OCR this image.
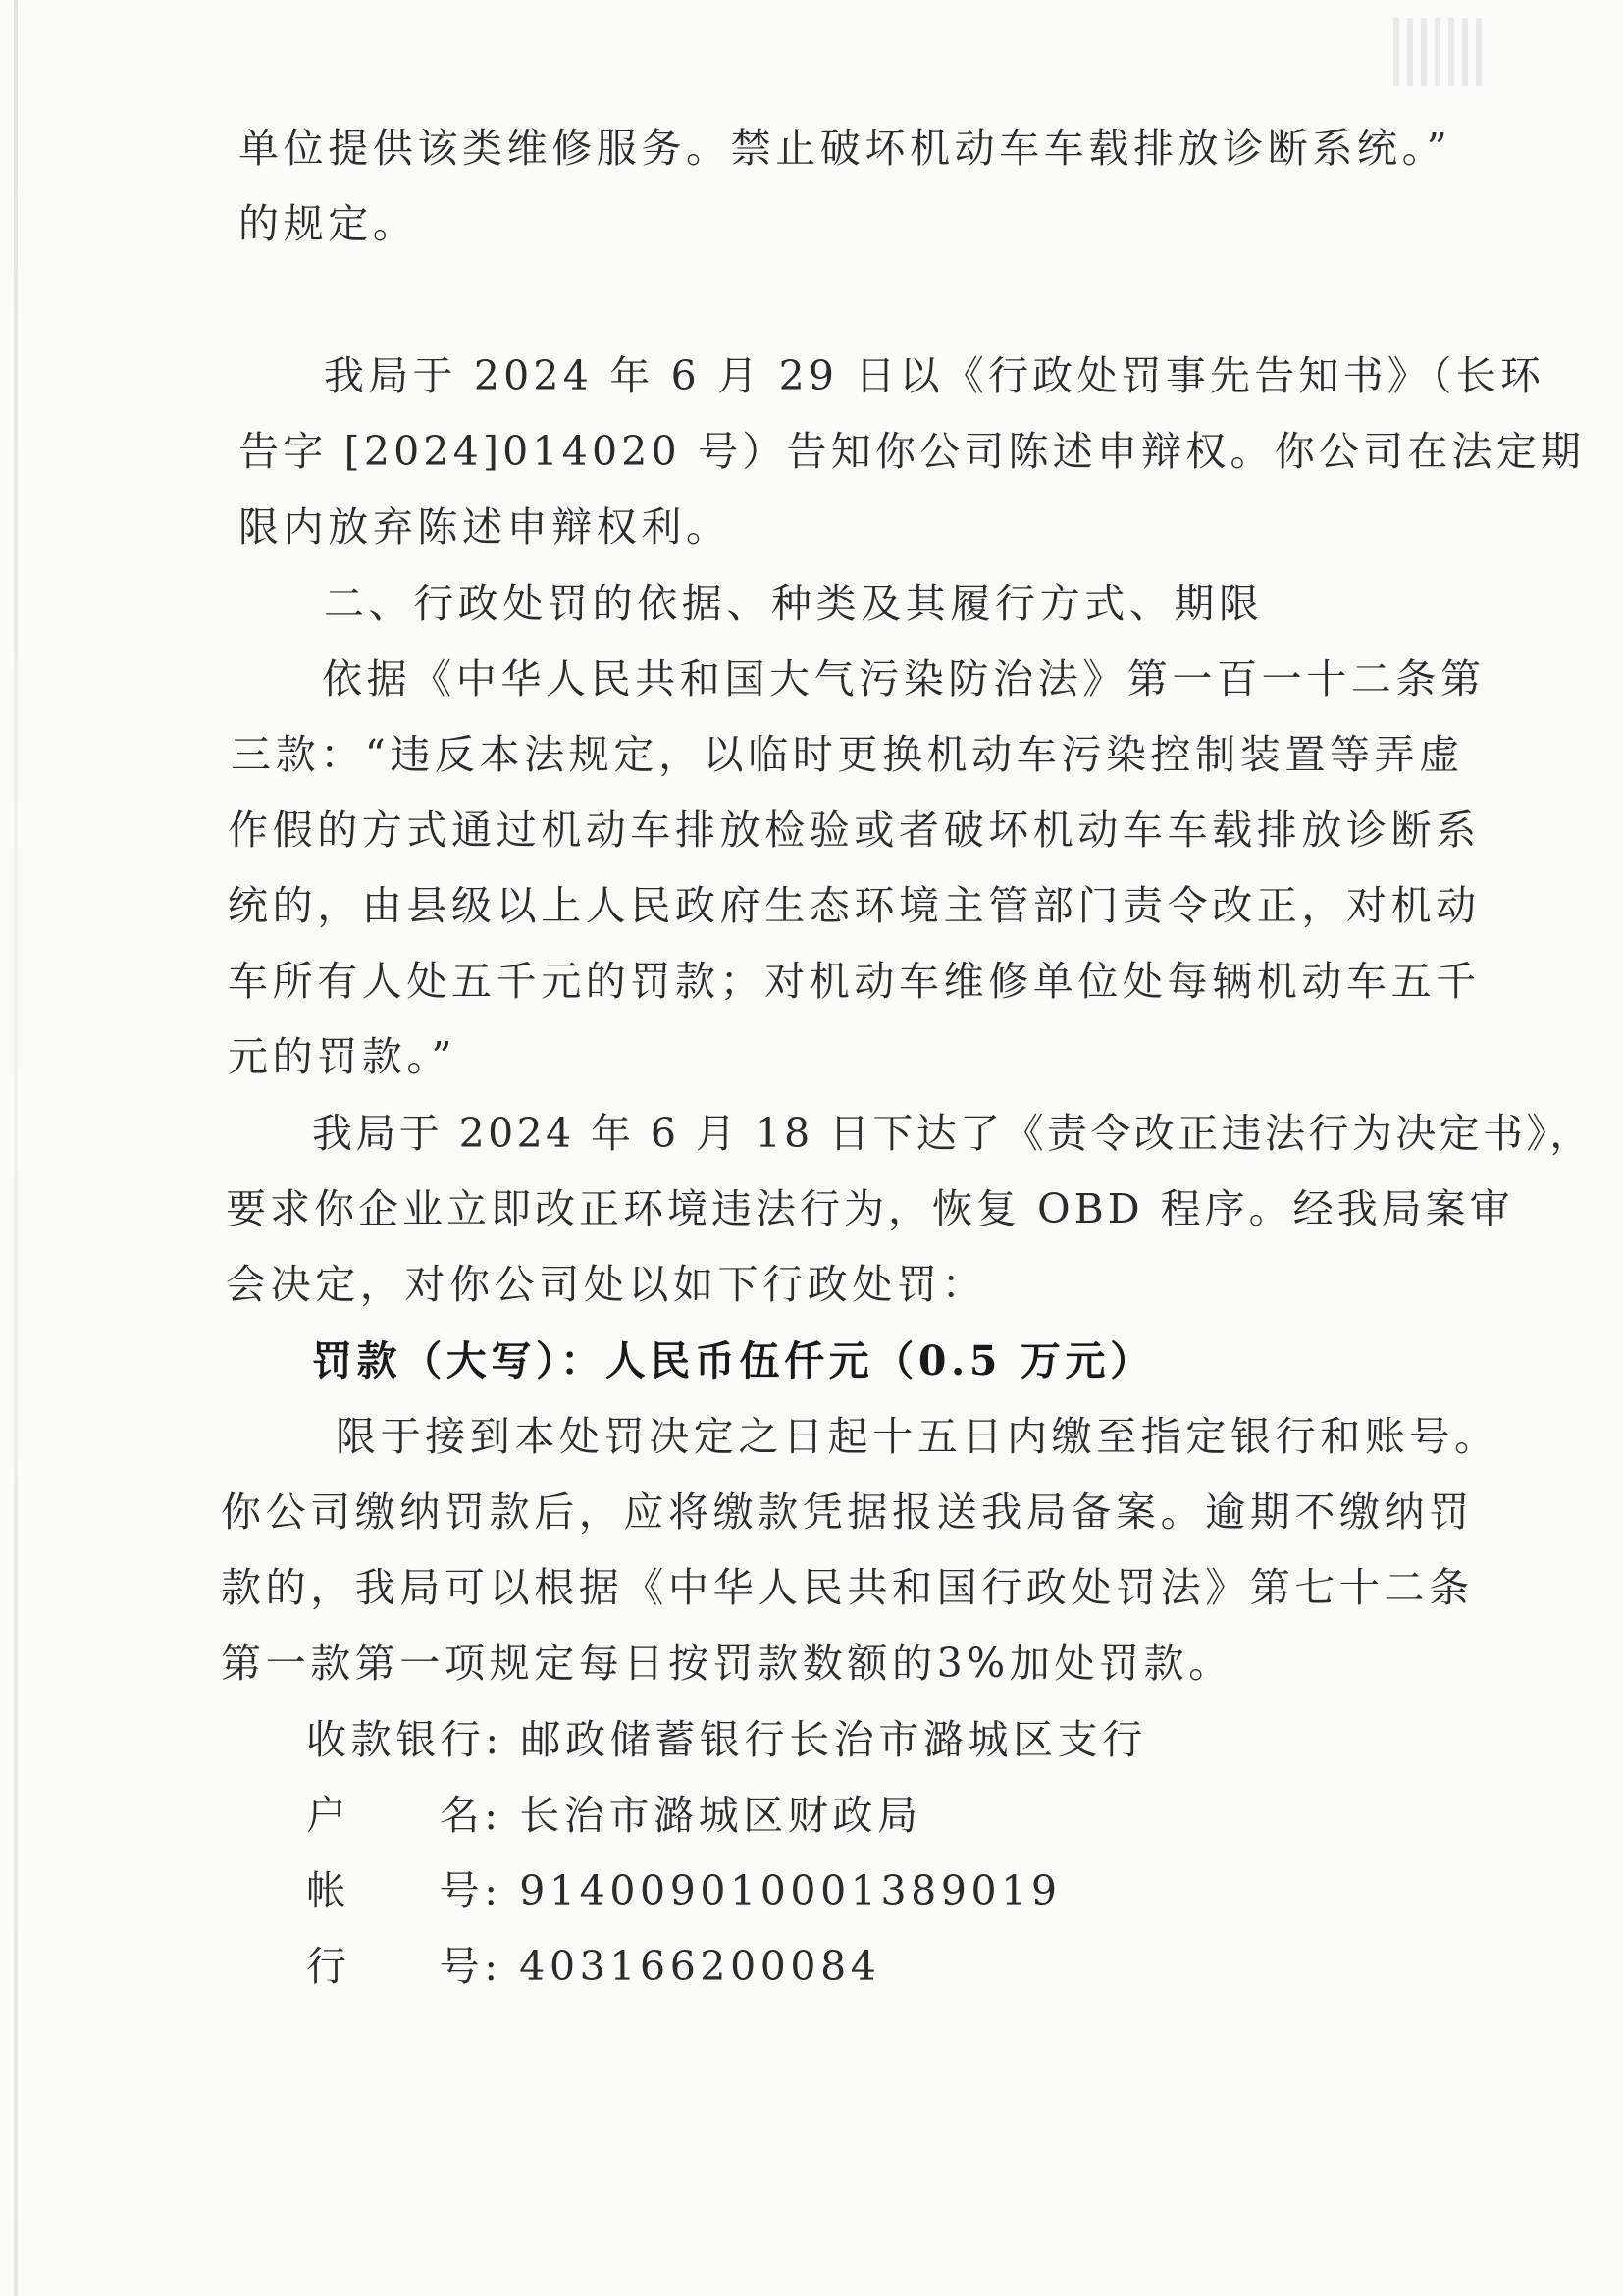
单位提供该类维修服务。禁止破坏机动车车载排放诊断系统。”
的规定。
我局于 2024 年 6 月 29 日以《行政处罚事先告知书》（长环
告字 [2024]014020 号）告知你公司陈述申辩权。你公司在法定期
限内放弃陈述申辩权利。
二、行政处罚的依据、种类及其履行方式、期限
依据《中华人民共和国大气污染防治法》第一百一十二条第
三款：“违反本法规定，以临时更换机动车污染控制装置等弄虚
作假的方式通过机动车排放检验或者破坏机动车车载排放诊断系
统的，由县级以上人民政府生态环境主管部门责令改正，对机动
车所有人处五千元的罚款；对机动车维修单位处每辆机动车五千
元的罚款。”
我局于 2024 年 6 月 18 日下达了《责令改正违法行为决定书》，
要求你企业立即改正环境违法行为，恢复 OBD 程序。经我局案审
会决定，对你公司处以如下行政处罚：
罚款（大写）：人民币伍仟元（0.5 万元）
限于接到本处罚决定之日起十五日内缴至指定银行和账号。
你公司缴纳罚款后，应将缴款凭据报送我局备案。逾期不缴纳罚
款的，我局可以根据《中华人民共和国行政处罚法》第七十二条
第一款第一项规定每日按罚款数额的3%加处罚款。
收款银行: 邮政储蓄银行长治市潞城区支行
户 名: 长治市潞城区财政局
帐 号: 914009010001389019
行 号: 403166200084
